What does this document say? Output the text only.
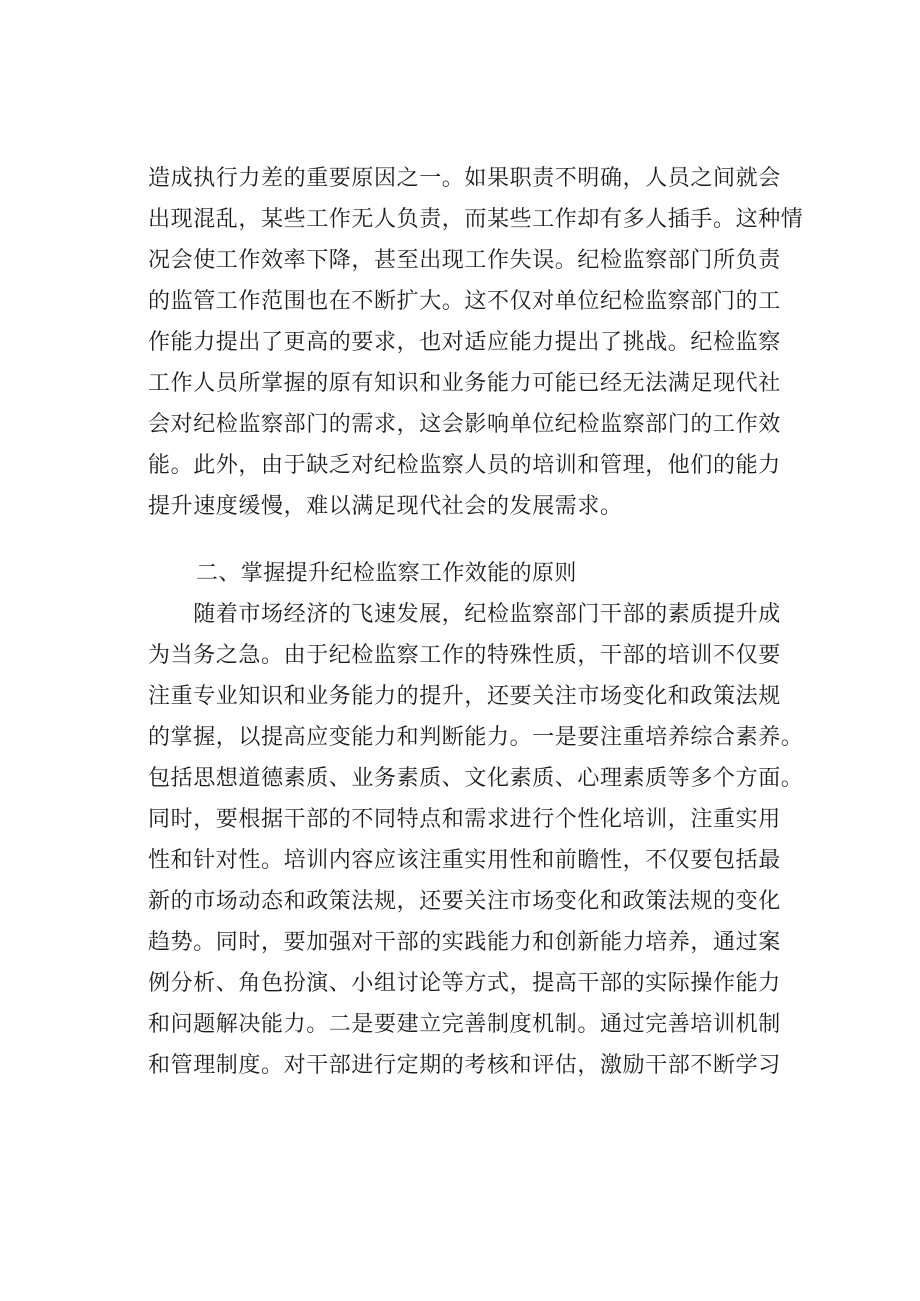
造成执行力差的重要原因之一。如果职责不明确，人员之间就会
出现混乱，某些工作无人负责，而某些工作却有多人插手。这种情
况会使工作效率下降，甚至出现工作失误。纪检监察部门所负责
的监管工作范围也在不断扩大。这不仅对单位纪检监察部门的工
作能力提出了更高的要求，也对适应能力提出了挑战。纪检监察
工作人员所掌握的原有知识和业务能力可能已经无法满足现代社
会对纪检监察部门的需求，这会影响单位纪检监察部门的工作效
能。此外，由于缺乏对纪检监察人员的培训和管理，他们的能力
提升速度缓慢，难以满足现代社会的发展需求。
二、掌握提升纪检监察工作效能的原则
　　随着市场经济的飞速发展，纪检监察部门干部的素质提升成
为当务之急。由于纪检监察工作的特殊性质，干部的培训不仅要
注重专业知识和业务能力的提升，还要关注市场变化和政策法规
的掌握，以提高应变能力和判断能力。一是要注重培养综合素养。
包括思想道德素质、业务素质、文化素质、心理素质等多个方面。
同时，要根据干部的不同特点和需求进行个性化培训，注重实用
性和针对性。培训内容应该注重实用性和前瞻性，不仅要包括最
新的市场动态和政策法规，还要关注市场变化和政策法规的变化
趋势。同时，要加强对干部的实践能力和创新能力培养，通过案
例分析、角色扮演、小组讨论等方式，提高干部的实际操作能力
和问题解决能力。二是要建立完善制度机制。通过完善培训机制
和管理制度。对干部进行定期的考核和评估，激励干部不断学习
